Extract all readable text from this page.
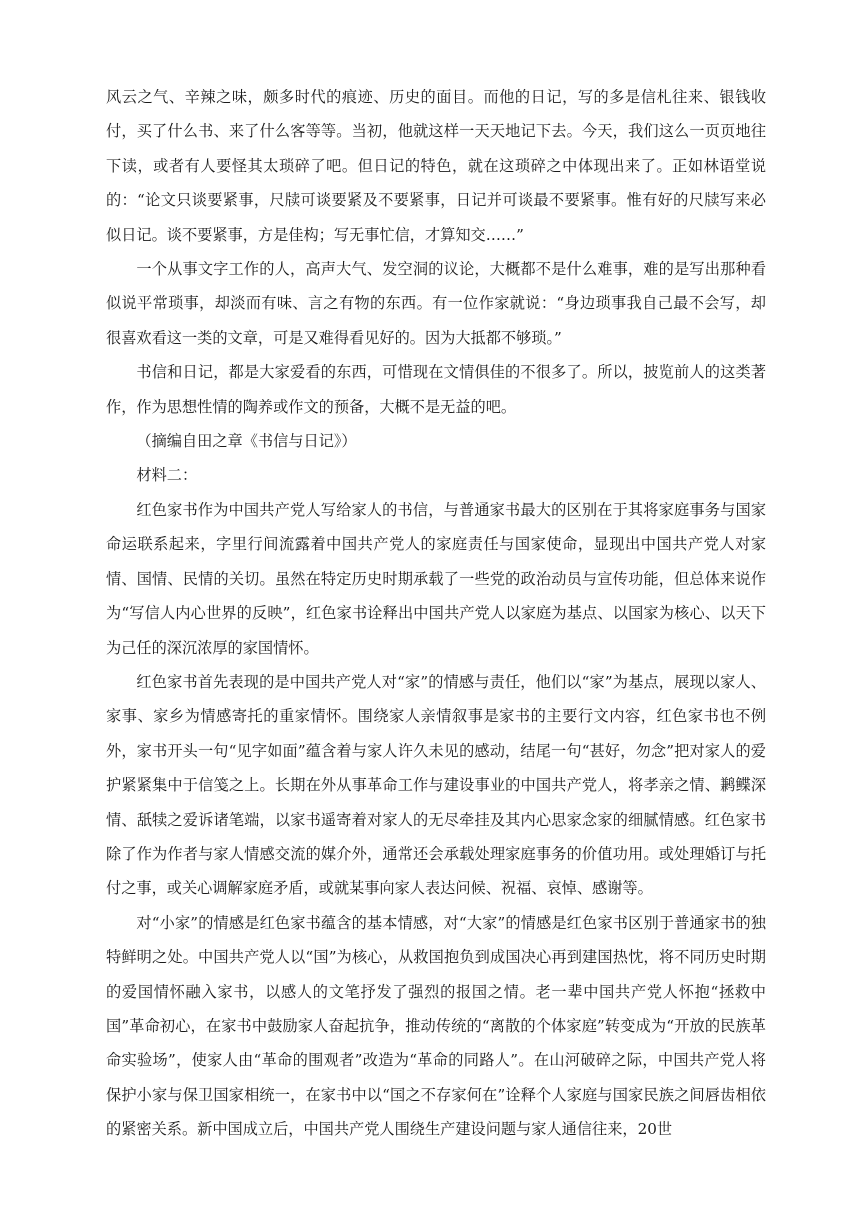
风云之气、辛辣之味，颇多时代的痕迹、历史的面目。而他的日记，写的多是信札往来、银钱收付，买了什么书、来了什么客等等。当初，他就这样一天天地记下去。今天，我们这么一页页地往下读，或者有人要怪其太琐碎了吧。但日记的特色，就在这琐碎之中体现出来了。正如林语堂说的：“论文只谈要紧事，尺牍可谈要紧及不要紧事，日记并可谈最不要紧事。惟有好的尺牍写来必似日记。谈不要紧事，方是佳构；写无事忙信，才算知交……”

一个从事文字工作的人，高声大气、发空洞的议论，大概都不是什么难事，难的是写出那种看似说平常琐事，却淡而有味、言之有物的东西。有一位作家就说：“身边琐事我自己最不会写，却很喜欢看这一类的文章，可是又难得看见好的。因为大抵都不够琐。”

书信和日记，都是大家爱看的东西，可惜现在文情俱佳的不很多了。所以，披览前人的这类著作，作为思想性情的陶养或作文的预备，大概不是无益的吧。

（摘编自田之章《书信与日记》）

材料二：

红色家书作为中国共产党人写给家人的书信，与普通家书最大的区别在于其将家庭事务与国家命运联系起来，字里行间流露着中国共产党人的家庭责任与国家使命，显现出中国共产党人对家情、国情、民情的关切。虽然在特定历史时期承载了一些党的政治动员与宣传功能，但总体来说作为“写信人内心世界的反映”，红色家书诠释出中国共产党人以家庭为基点、以国家为核心、以天下为己任的深沉浓厚的家国情怀。

红色家书首先表现的是中国共产党人对“家”的情感与责任，他们以“家”为基点，展现以家人、家事、家乡为情感寄托的重家情怀。围绕家人亲情叙事是家书的主要行文内容，红色家书也不例外，家书开头一句“见字如面”蕴含着与家人许久未见的感动，结尾一句“甚好，勿念”把对家人的爱护紧紧集中于信笺之上。长期在外从事革命工作与建设事业的中国共产党人，将孝亲之情、鹣鲽深情、舐犊之爱诉诸笔端，以家书遥寄着对家人的无尽牵挂及其内心思家念家的细腻情感。红色家书除了作为作者与家人情感交流的媒介外，通常还会承载处理家庭事务的价值功用。或处理婚订与托付之事，或关心调解家庭矛盾，或就某事向家人表达问候、祝福、哀悼、感谢等。

对“小家”的情感是红色家书蕴含的基本情感，对“大家”的情感是红色家书区别于普通家书的独特鲜明之处。中国共产党人以“国”为核心，从救国抱负到成国决心再到建国热忱，将不同历史时期的爱国情怀融入家书，以感人的文笔抒发了强烈的报国之情。老一辈中国共产党人怀抱“拯救中国”革命初心，在家书中鼓励家人奋起抗争，推动传统的“离散的个体家庭”转变成为“开放的民族革命实验场”，使家人由“革命的围观者”改造为“革命的同路人”。在山河破碎之际，中国共产党人将保护小家与保卫国家相统一，在家书中以“国之不存家何在”诠释个人家庭与国家民族之间唇齿相依的紧密关系。新中国成立后，中国共产党人围绕生产建设问题与家人通信往来，20世
